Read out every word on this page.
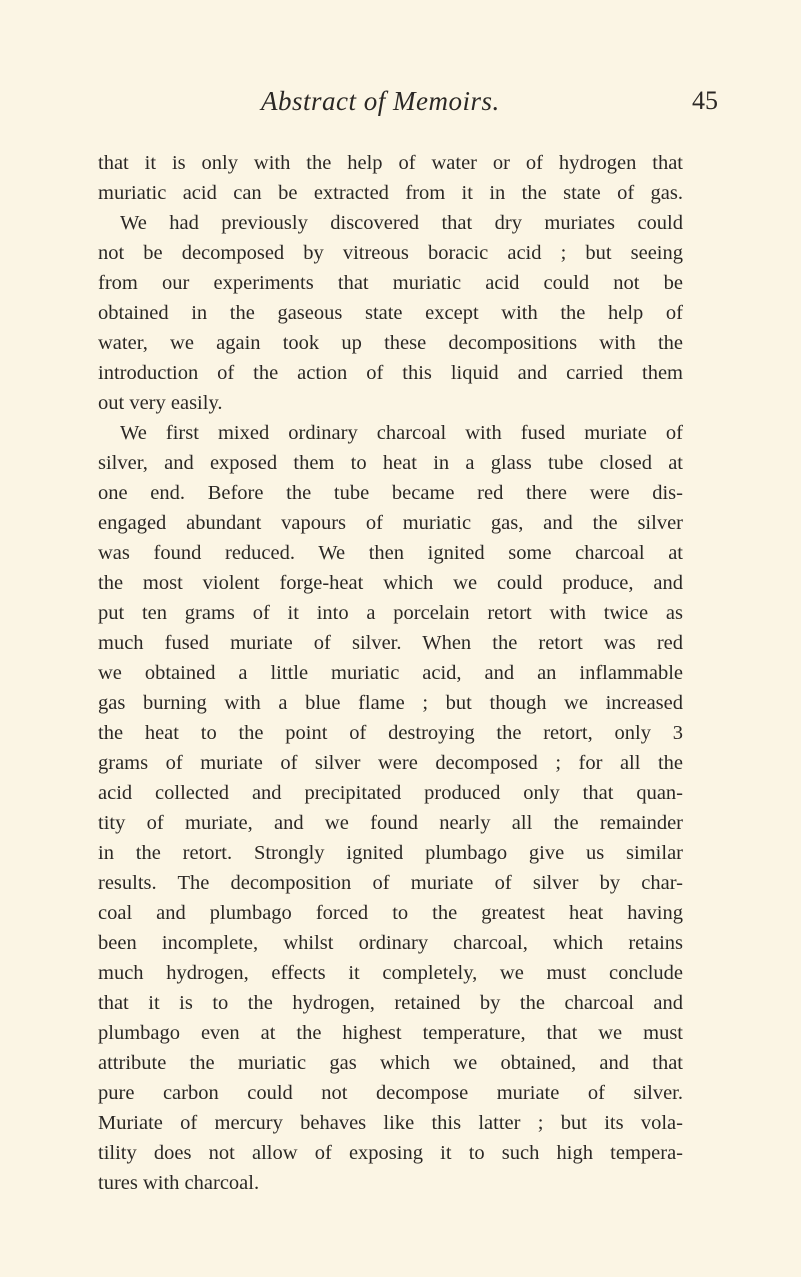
Abstract of Memoirs.	45
that it is only with the help of water or of hydrogen that
muriatic acid can be extracted from it in the state of gas.
We had previously discovered that dry muriates could
not be decomposed by vitreous boracic acid ; but seeing
from our experiments that muriatic acid could not be
obtained in the gaseous state except with the help of
water, we again took up these decompositions with the
introduction of the action of this liquid and carried them
out very easily.
We first mixed ordinary charcoal with fused muriate of
silver, and exposed them to heat in a glass tube closed at
one end. Before the tube became red there were dis-
engaged abundant vapours of muriatic gas, and the silver
was found reduced. We then ignited some charcoal at
the most violent forge-heat which we could produce, and
put ten grams of it into a porcelain retort with twice as
much fused muriate of silver. When the retort was red
we obtained a little muriatic acid, and an inflammable
gas burning with a blue flame ; but though we increased
the heat to the point of destroying the retort, only 3
grams of muriate of silver were decomposed ; for all the
acid collected and precipitated produced only that quan-
tity of muriate, and we found nearly all the remainder
in the retort. Strongly ignited plumbago give us similar
results. The decomposition of muriate of silver by char-
coal and plumbago forced to the greatest heat having
been incomplete, whilst ordinary charcoal, which retains
much hydrogen, effects it completely, we must conclude
that it is to the hydrogen, retained by the charcoal and
plumbago even at the highest temperature, that we must
attribute the muriatic gas which we obtained, and that
pure carbon could not decompose muriate of silver.
Muriate of mercury behaves like this latter ; but its vola-
tility does not allow of exposing it to such high tempera-
tures with charcoal.
